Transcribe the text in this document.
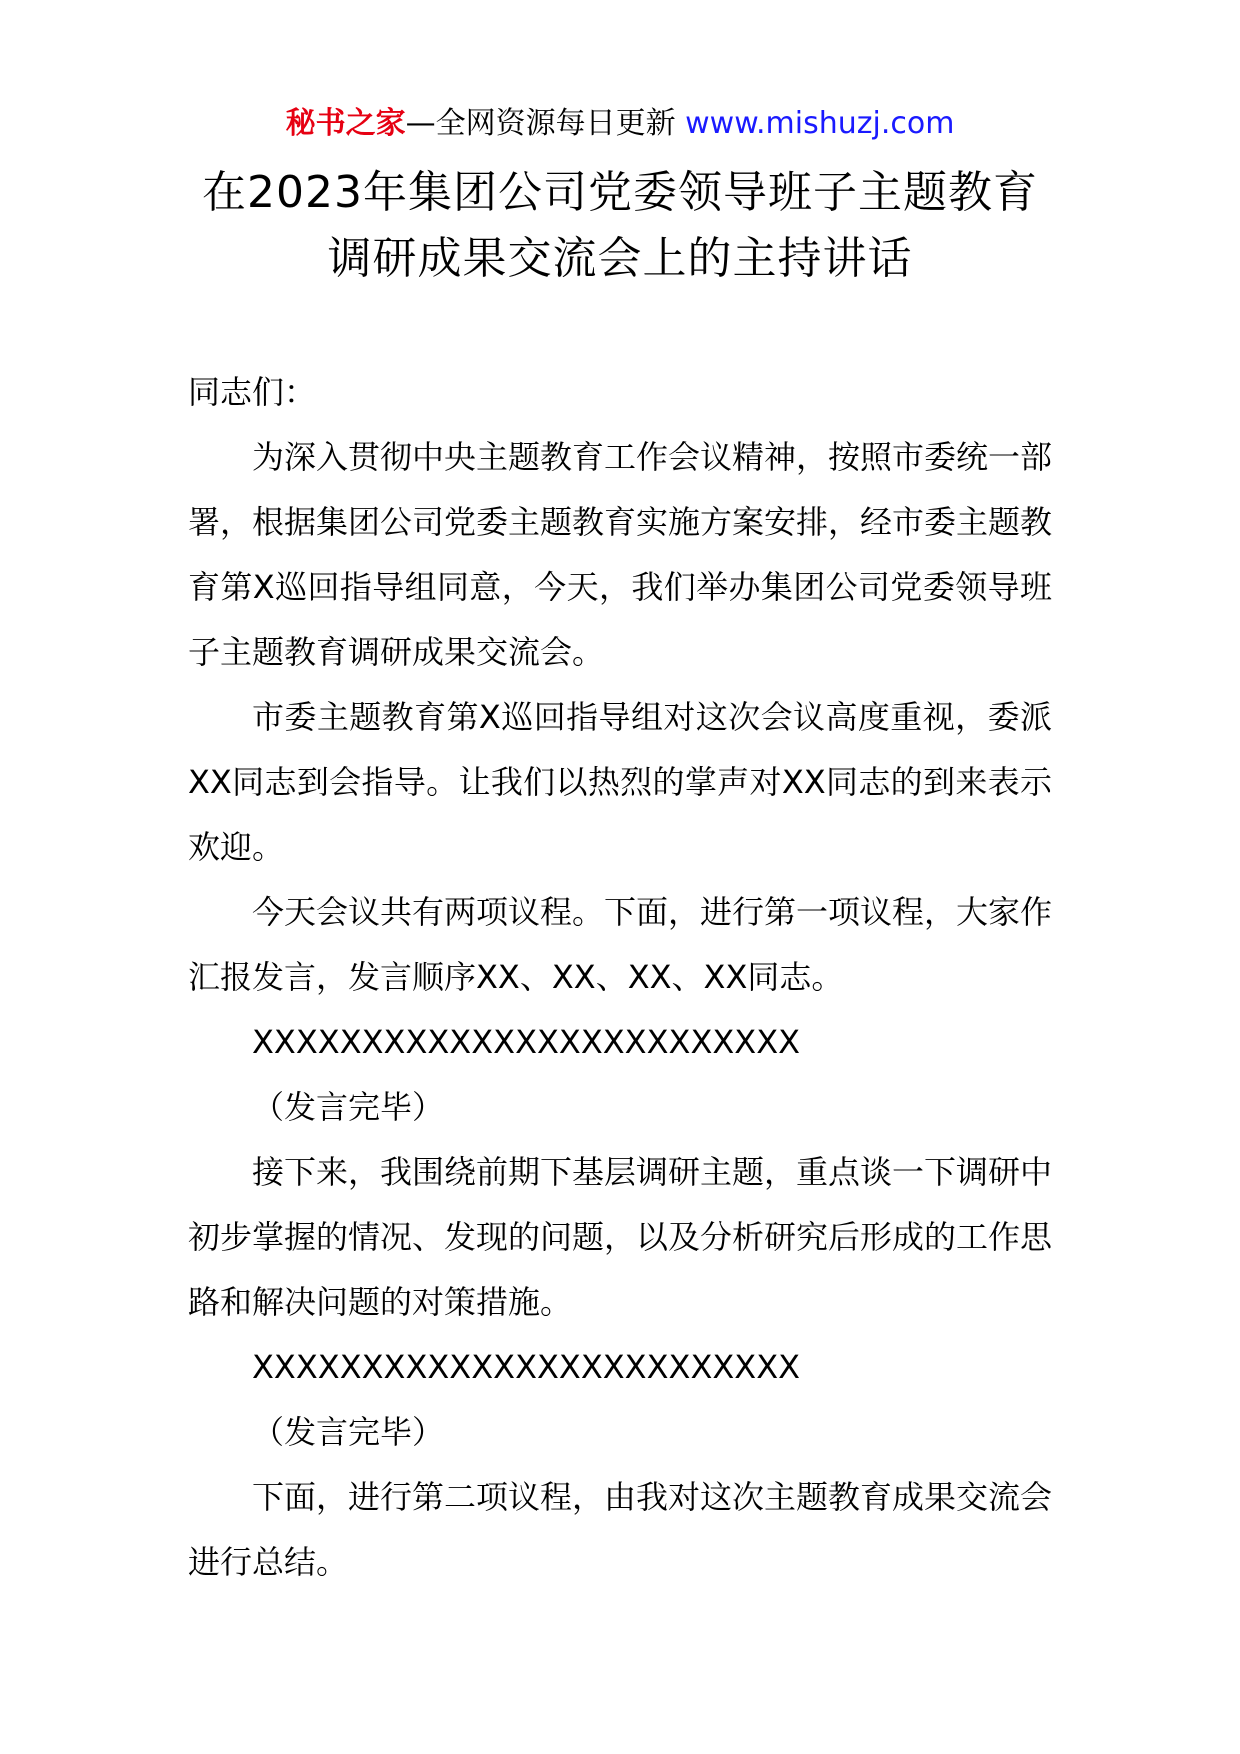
秘书之家—全网资源每日更新 www.mishuzj.com
在2023年集团公司党委领导班子主题教育
调研成果交流会上的主持讲话

同志们：

为深入贯彻中央主题教育工作会议精神，按照市委统一部署，根据集团公司党委主题教育实施方案安排，经市委主题教育第X巡回指导组同意，今天，我们举办集团公司党委领导班子主题教育调研成果交流会。

市委主题教育第X巡回指导组对这次会议高度重视，委派XX同志到会指导。让我们以热烈的掌声对XX同志的到来表示欢迎。

今天会议共有两项议程。下面，进行第一项议程，大家作汇报发言，发言顺序XX、XX、XX、XX同志。

XXXXXXXXXXXXXXXXXXXXXXXXX

（发言完毕）

接下来，我围绕前期下基层调研主题，重点谈一下调研中初步掌握的情况、发现的问题，以及分析研究后形成的工作思路和解决问题的对策措施。

XXXXXXXXXXXXXXXXXXXXXXXXX

（发言完毕）

下面，进行第二项议程，由我对这次主题教育成果交流会进行总结。
